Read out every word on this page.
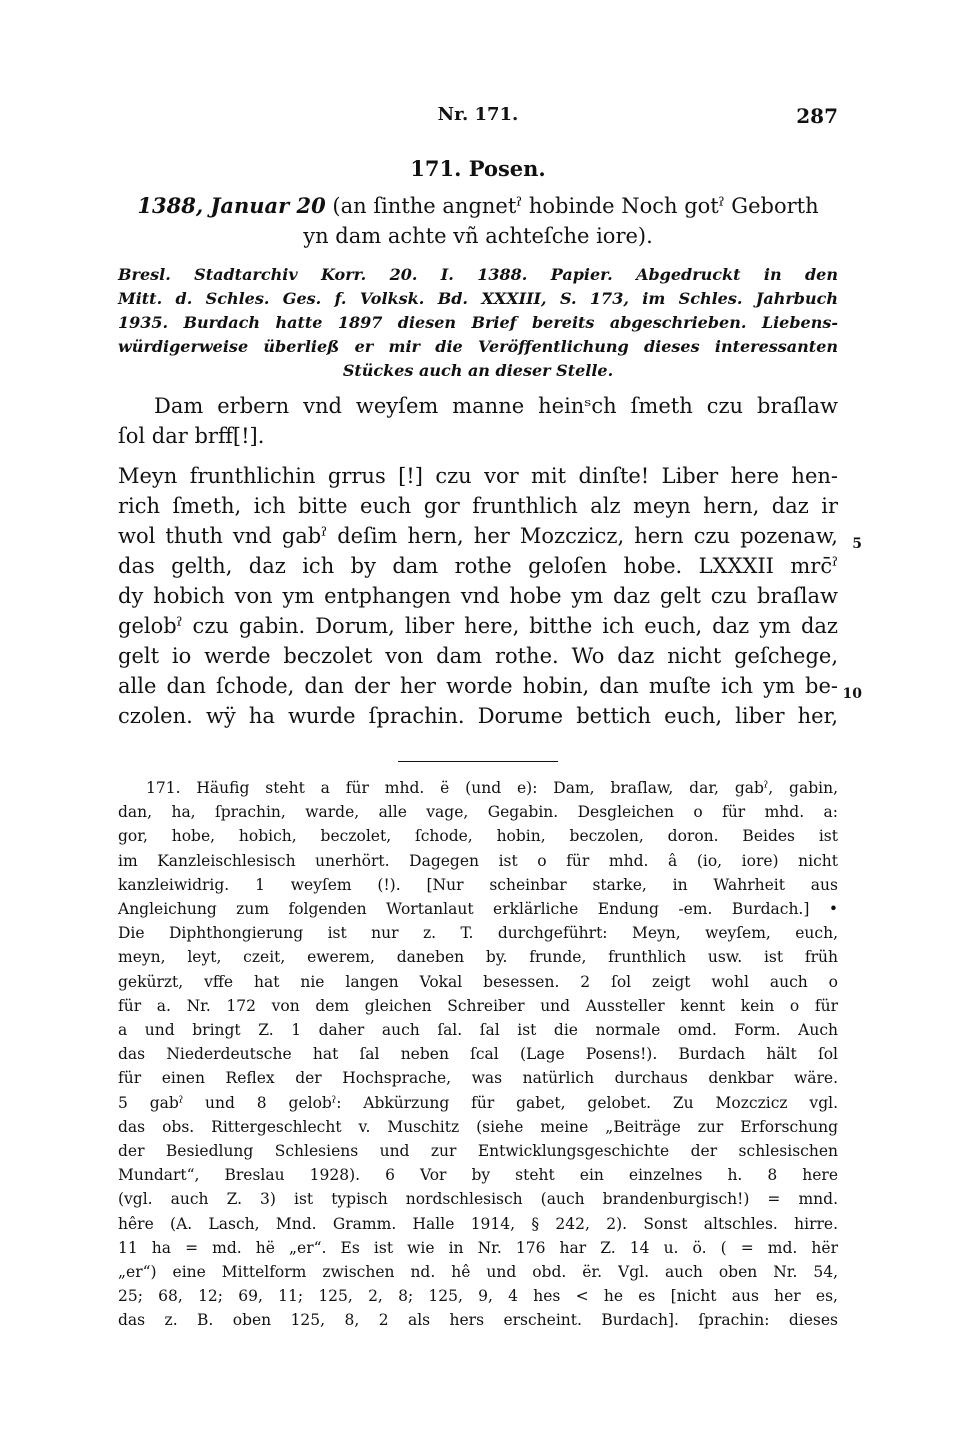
Nr. 171.	287
171. Posen.
1388, Januar 20 (an ſinthe angnetˀ hobinde Noch gotˀ Geborth
yn dam achte vñ achteſche iore).
Bresl. Stadtarchiv Korr. 20. I. 1388. Papier. Abgedruckt in den
Mitt. d. Schles. Ges. f. Volksk. Bd. XXXIII, S. 173, im Schles. Jahrbuch
1935. Burdach hatte 1897 diesen Brief bereits abgeschrieben. Liebens-
würdigerweise überließ er mir die Veröffentlichung dieses interessanten
Stückes auch an dieser Stelle.
Dam erbern vnd weyſem manne heinˢch ſmeth czu braſlaw
ſol dar brff[!].
Meyn frunthlichin grrus [!] czu vor mit dinſte! Liber here hen-
rich ſmeth, ich bitte euch gor frunthlich alz meyn hern, daz ir
wol thuth vnd gabˀ deſim hern, her Mozczicz, hern czu pozenaw, 5
das gelth, daz ich by dam rothe geloſen hobe. LXXXII mrc̄ˀ
dy hobich von ym entphangen vnd hobe ym daz gelt czu braſlaw
gelobˀ czu gabin. Dorum, liber here, bitthe ich euch, daz ym daz
gelt io werde beczolet von dam rothe. Wo daz nicht geſchege,
alle dan ſchode, dan der her worde hobin, dan muſte ich ym be- 10
czolen. wÿ ha wurde ſprachin. Dorume bettich euch, liber her,
171. Häufig steht a für mhd. ë (und e): Dam, braſlaw, dar, gabˀ, gabin,
dan, ha, ſprachin, warde, alle vage, Gegabin. Desgleichen o für mhd. a:
gor, hobe, hobich, beczolet, ſchode, hobin, beczolen, doron. Beides ist
im Kanzleischlesisch unerhört. Dagegen ist o für mhd. â (io, iore) nicht
kanzleiwidrig. 1 weyſem (!). [Nur scheinbar starke, in Wahrheit aus
Angleichung zum folgenden Wortanlaut erklärliche Endung -em. Burdach.] •
Die Diphthongierung ist nur z. T. durchgeführt: Meyn, weyſem, euch,
meyn, leyt, czeit, ewerem, daneben by. frunde, frunthlich usw. ist früh
gekürzt, vffe hat nie langen Vokal besessen. 2 ſol zeigt wohl auch o
für a. Nr. 172 von dem gleichen Schreiber und Aussteller kennt kein o für
a und bringt Z. 1 daher auch ſal. ſal ist die normale omd. Form. Auch
das Niederdeutsche hat ſal neben ſcal (Lage Posens!). Burdach hält ſol
für einen Reflex der Hochsprache, was natürlich durchaus denkbar wäre.
5 gabˀ und 8 gelobˀ: Abkürzung für gabet, gelobet. Zu Mozczicz vgl.
das obs. Rittergeschlecht v. Muschitz (siehe meine „Beiträge zur Erforschung
der Besiedlung Schlesiens und zur Entwicklungsgeschichte der schlesischen
Mundart“, Breslau 1928). 6 Vor by steht ein einzelnes h. 8 here
(vgl. auch Z. 3) ist typisch nordschlesisch (auch brandenburgisch!) = mnd.
hêre (A. Lasch, Mnd. Gramm. Halle 1914, § 242, 2). Sonst altschles. hirre.
11 ha = md. hë „er“. Es ist wie in Nr. 176 har Z. 14 u. ö. ( = md. hër
„er“) eine Mittelform zwischen nd. hê und obd. ër. Vgl. auch oben Nr. 54,
25; 68, 12; 69, 11; 125, 2, 8; 125, 9, 4 hes < he es [nicht aus her es,
das z. B. oben 125, 8, 2 als hers erscheint. Burdach]. ſprachin: dieses
